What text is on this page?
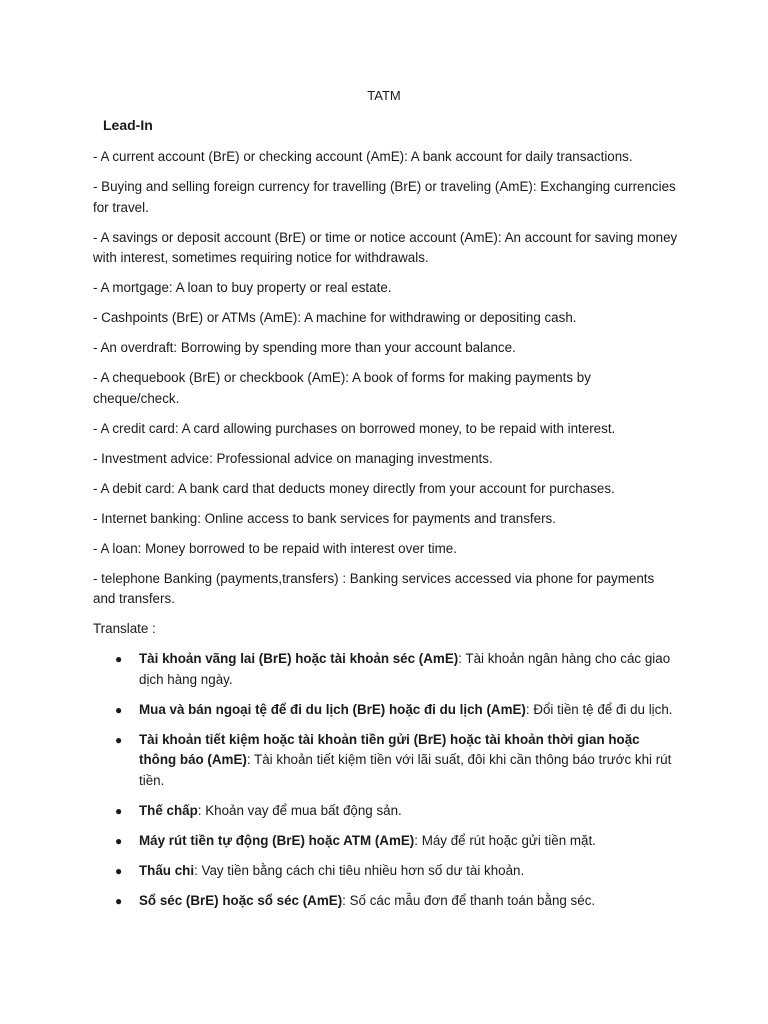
TATM
Lead-In

- A current account (BrE) or checking account (AmE): A bank account for daily transactions.

- Buying and selling foreign currency for travelling (BrE) or traveling (AmE): Exchanging currencies for travel.

- A savings or deposit account (BrE) or time or notice account (AmE): An account for saving money with interest, sometimes requiring notice for withdrawals.

- A mortgage: A loan to buy property or real estate.

- Cashpoints (BrE) or ATMs (AmE): A machine for withdrawing or depositing cash.

- An overdraft: Borrowing by spending more than your account balance.

- A chequebook (BrE) or checkbook (AmE): A book of forms for making payments by cheque/check.

- A credit card: A card allowing purchases on borrowed money, to be repaid with interest.

- Investment advice: Professional advice on managing investments.

- A debit card: A bank card that deducts money directly from your account for purchases.

- Internet banking: Online access to bank services for payments and transfers.

- A loan: Money borrowed to be repaid with interest over time.

- telephone Banking (payments,transfers) : Banking services accessed via phone for payments and transfers.

Translate :

● Tài khoản vãng lai (BrE) hoặc tài khoản séc (AmE): Tài khoản ngân hàng cho các giao dịch hàng ngày.
● Mua và bán ngoại tệ để đi du lịch (BrE) hoặc đi du lịch (AmE): Đổi tiền tệ để đi du lịch.
● Tài khoản tiết kiệm hoặc tài khoản tiền gửi (BrE) hoặc tài khoản thời gian hoặc thông báo (AmE): Tài khoản tiết kiệm tiền với lãi suất, đôi khi cần thông báo trước khi rút tiền.
● Thế chấp: Khoản vay để mua bất động sản.
● Máy rút tiền tự động (BrE) hoặc ATM (AmE): Máy để rút hoặc gửi tiền mặt.
● Thấu chi: Vay tiền bằng cách chi tiêu nhiều hơn số dư tài khoản.
● Sổ séc (BrE) hoặc sổ séc (AmE): Số các mẫu đơn để thanh toán bằng séc.
